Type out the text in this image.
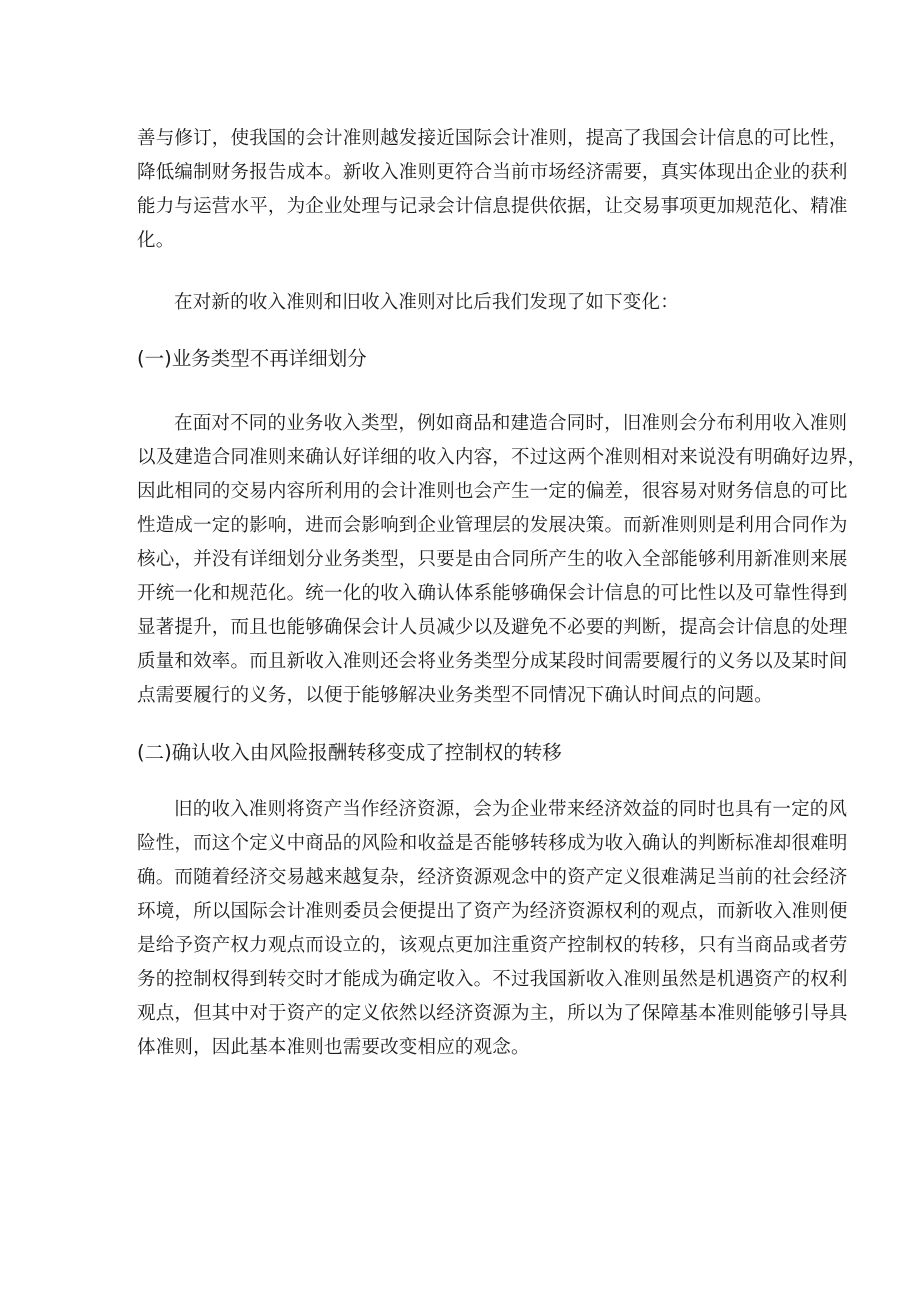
善与修订，使我国的会计准则越发接近国际会计准则，提高了我国会计信息的可比性，
降低编制财务报告成本。新收入准则更符合当前市场经济需要，真实体现出企业的获利
能力与运营水平，为企业处理与记录会计信息提供依据，让交易事项更加规范化、精准
化。
在对新的收入准则和旧收入准则对比后我们发现了如下变化：
(一)业务类型不再详细划分
在面对不同的业务收入类型，例如商品和建造合同时，旧准则会分布利用收入准则
以及建造合同准则来确认好详细的收入内容，不过这两个准则相对来说没有明确好边界，
因此相同的交易内容所利用的会计准则也会产生一定的偏差，很容易对财务信息的可比
性造成一定的影响，进而会影响到企业管理层的发展决策。而新准则则是利用合同作为
核心，并没有详细划分业务类型，只要是由合同所产生的收入全部能够利用新准则来展
开统一化和规范化。统一化的收入确认体系能够确保会计信息的可比性以及可靠性得到
显著提升，而且也能够确保会计人员减少以及避免不必要的判断，提高会计信息的处理
质量和效率。而且新收入准则还会将业务类型分成某段时间需要履行的义务以及某时间
点需要履行的义务，以便于能够解决业务类型不同情况下确认时间点的问题。
(二)确认收入由风险报酬转移变成了控制权的转移
旧的收入准则将资产当作经济资源，会为企业带来经济效益的同时也具有一定的风
险性，而这个定义中商品的风险和收益是否能够转移成为收入确认的判断标准却很难明
确。而随着经济交易越来越复杂，经济资源观念中的资产定义很难满足当前的社会经济
环境，所以国际会计准则委员会便提出了资产为经济资源权利的观点，而新收入准则便
是给予资产权力观点而设立的，该观点更加注重资产控制权的转移，只有当商品或者劳
务的控制权得到转交时才能成为确定收入。不过我国新收入准则虽然是机遇资产的权利
观点，但其中对于资产的定义依然以经济资源为主，所以为了保障基本准则能够引导具
体准则，因此基本准则也需要改变相应的观念。
